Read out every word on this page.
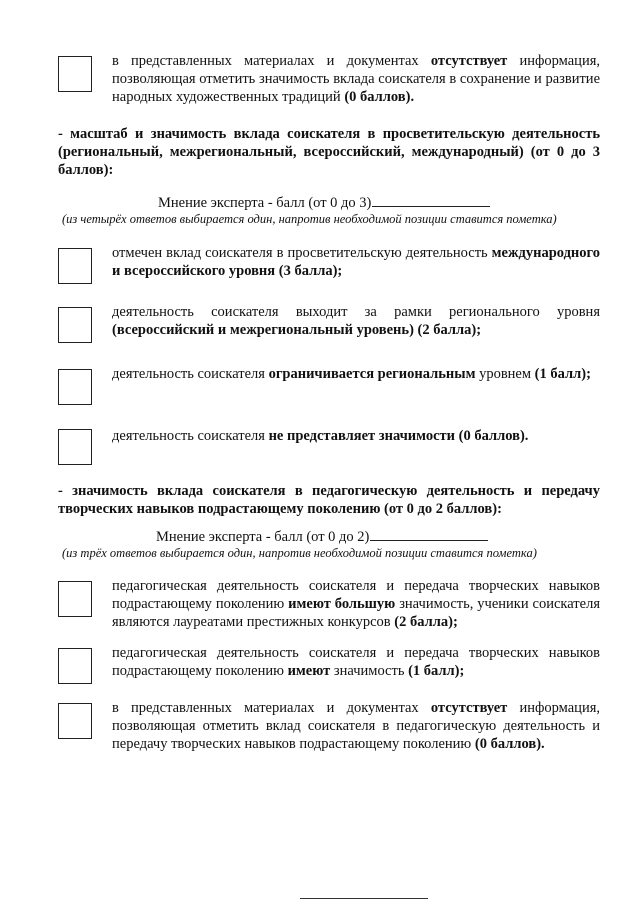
в представленных материалах и документах отсутствует информация, позволяющая отметить значимость вклада соискателя в сохранение и развитие народных художественных традиций (0 баллов).
- масштаб и значимость вклада соискателя в просветительскую деятельность (региональный, межрегиональный, всероссийский, международный) (от 0 до 3 баллов):
Мнение эксперта - балл (от 0 до 3)
(из четырёх ответов выбирается один, напротив необходимой позиции ставится пометка)
отмечен вклад соискателя в просветительскую деятельность международного и всероссийского уровня (3 балла);
деятельность соискателя выходит за рамки регионального уровня (всероссийский и межрегиональный уровень) (2 балла);
деятельность соискателя ограничивается региональным уровнем (1 балл);
деятельность соискателя не представляет значимости (0 баллов).
- значимость вклада соискателя в педагогическую деятельность и передачу творческих навыков подрастающему поколению (от 0 до 2 баллов):
Мнение эксперта - балл (от 0 до 2)
(из трёх ответов выбирается один, напротив необходимой позиции ставится пометка)
педагогическая деятельность соискателя и передача творческих навыков подрастающему поколению имеют большую значимость, ученики соискателя являются лауреатами престижных конкурсов (2 балла);
педагогическая деятельность соискателя и передача творческих навыков подрастающему поколению имеют значимость (1 балл);
в представленных материалах и документах отсутствует информация, позволяющая отметить вклад соискателя в педагогическую деятельность и передачу творческих навыков подрастающему поколению (0 баллов).
